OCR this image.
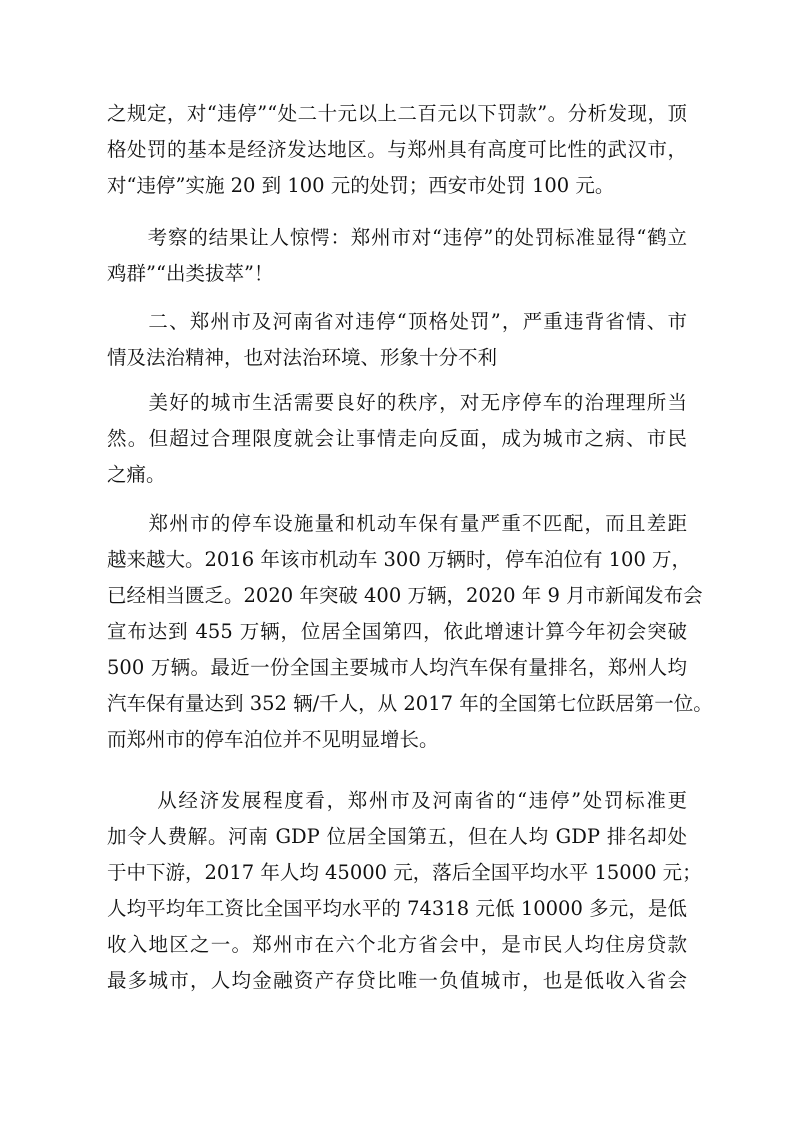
之规定，对“违停”“处二十元以上二百元以下罚款”。分析发现，顶
格处罚的基本是经济发达地区。与郑州具有高度可比性的武汉市，
对“违停”实施 20 到 100 元的处罚；西安市处罚 100 元。
　　考察的结果让人惊愕：郑州市对“违停”的处罚标准显得“鹤立
鸡群”“出类拔萃”！
　　二、郑州市及河南省对违停“顶格处罚”，严重违背省情、市
情及法治精神，也对法治环境、形象十分不利
　　美好的城市生活需要良好的秩序，对无序停车的治理理所当
然。但超过合理限度就会让事情走向反面，成为城市之病、市民
之痛。
　　郑州市的停车设施量和机动车保有量严重不匹配，而且差距
越来越大。2016 年该市机动车 300 万辆时，停车泊位有 100 万，
已经相当匮乏。2020 年突破 400 万辆，2020 年 9 月市新闻发布会
宣布达到 455 万辆，位居全国第四，依此增速计算今年初会突破
500 万辆。最近一份全国主要城市人均汽车保有量排名，郑州人均
汽车保有量达到 352 辆/千人，从 2017 年的全国第七位跃居第一位。
而郑州市的停车泊位并不见明显增长。
　　 从经济发展程度看，郑州市及河南省的“违停”处罚标准更
加令人费解。河南 GDP 位居全国第五，但在人均 GDP 排名却处
于中下游，2017 年人均 45000 元，落后全国平均水平 15000 元；
人均平均年工资比全国平均水平的 74318 元低 10000 多元，是低
收入地区之一。郑州市在六个北方省会中，是市民人均住房贷款
最多城市，人均金融资产存贷比唯一负值城市，也是低收入省会
